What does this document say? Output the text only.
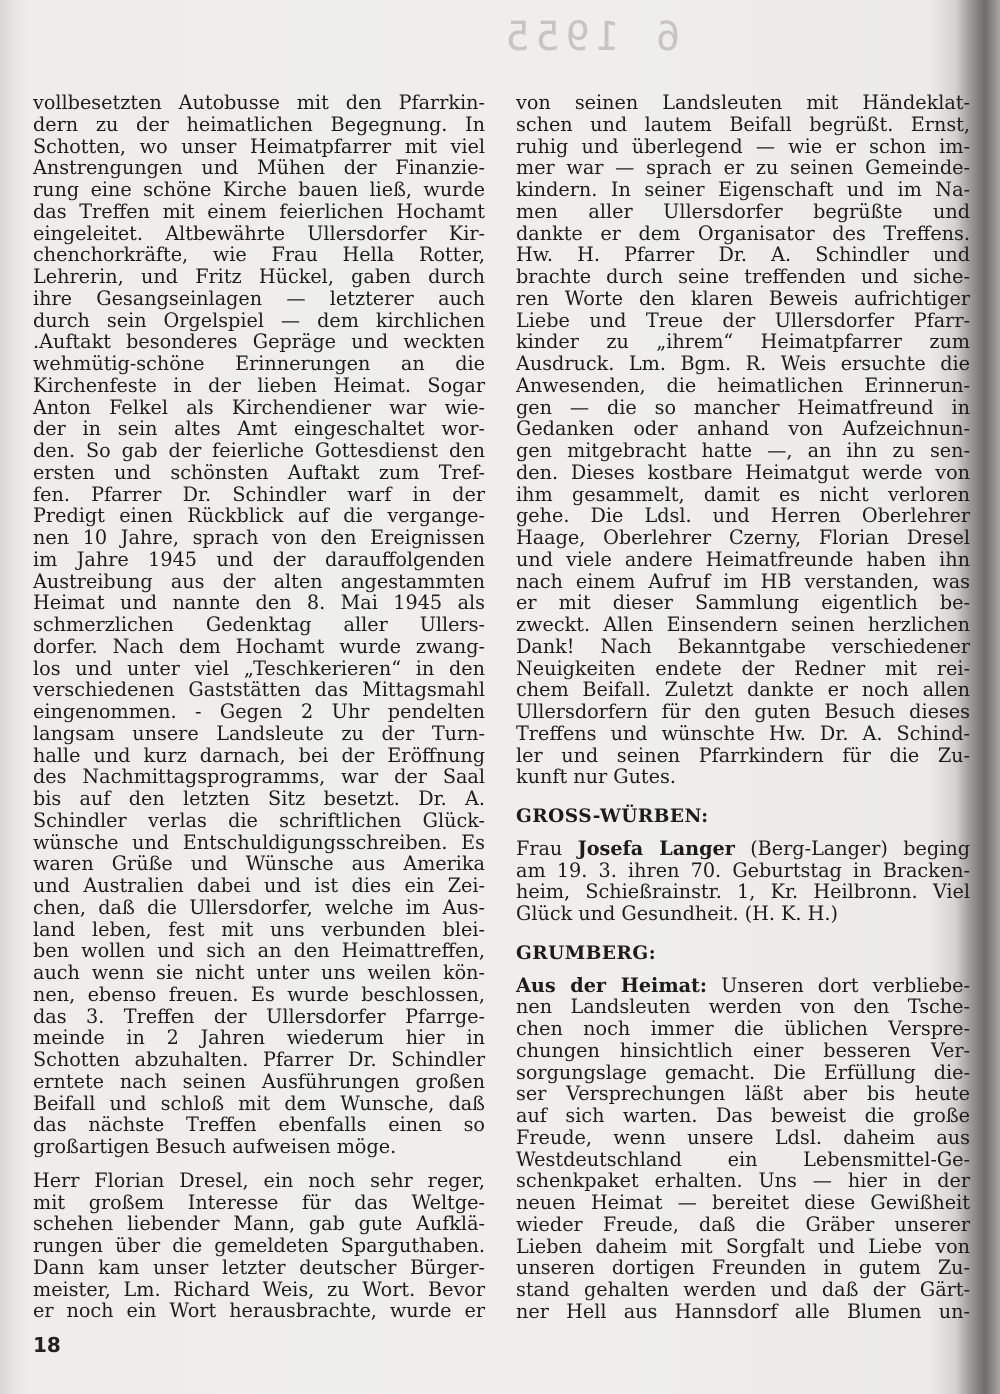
6 1955
vollbesetzten Autobusse mit den Pfarrkin-
dern zu der heimatlichen Begegnung. In
Schotten, wo unser Heimatpfarrer mit viel
Anstrengungen und Mühen der Finanzie-
rung eine schöne Kirche bauen ließ, wurde
das Treffen mit einem feierlichen Hochamt
eingeleitet. Altbewährte Ullersdorfer Kir-
chenchorkräfte, wie Frau Hella Rotter,
Lehrerin, und Fritz Hückel, gaben durch
ihre Gesangseinlagen — letzterer auch
durch sein Orgelspiel — dem kirchlichen
.Auftakt besonderes Gepräge und weckten
wehmütig-schöne Erinnerungen an die
Kirchenfeste in der lieben Heimat. Sogar
Anton Felkel als Kirchendiener war wie-
der in sein altes Amt eingeschaltet wor-
den. So gab der feierliche Gottesdienst den
ersten und schönsten Auftakt zum Tref-
fen. Pfarrer Dr. Schindler warf in der
Predigt einen Rückblick auf die vergange-
nen 10 Jahre, sprach von den Ereignissen
im Jahre 1945 und der darauffolgenden
Austreibung aus der alten angestammten
Heimat und nannte den 8. Mai 1945 als
schmerzlichen Gedenktag aller Ullers-
dorfer. Nach dem Hochamt wurde zwang-
los und unter viel „Teschkerieren“ in den
verschiedenen Gaststätten das Mittagsmahl
eingenommen. - Gegen 2 Uhr pendelten
langsam unsere Landsleute zu der Turn-
halle und kurz darnach, bei der Eröffnung
des Nachmittagsprogramms, war der Saal
bis auf den letzten Sitz besetzt. Dr. A.
Schindler verlas die schriftlichen Glück-
wünsche und Entschuldigungsschreiben. Es
waren Grüße und Wünsche aus Amerika
und Australien dabei und ist dies ein Zei-
chen, daß die Ullersdorfer, welche im Aus-
land leben, fest mit uns verbunden blei-
ben wollen und sich an den Heimattreffen,
auch wenn sie nicht unter uns weilen kön-
nen, ebenso freuen. Es wurde beschlossen,
das 3. Treffen der Ullersdorfer Pfarrge-
meinde in 2 Jahren wiederum hier in
Schotten abzuhalten. Pfarrer Dr. Schindler
erntete nach seinen Ausführungen großen
Beifall und schloß mit dem Wunsche, daß
das nächste Treffen ebenfalls einen so
großartigen Besuch aufweisen möge.
Herr Florian Dresel, ein noch sehr reger,
mit großem Interesse für das Weltge-
schehen liebender Mann, gab gute Aufklä-
rungen über die gemeldeten Sparguthaben.
Dann kam unser letzter deutscher Bürger-
meister, Lm. Richard Weis, zu Wort. Bevor
er noch ein Wort herausbrachte, wurde er
von seinen Landsleuten mit Händeklat-
schen und lautem Beifall begrüßt. Ernst,
ruhig und überlegend — wie er schon im-
mer war — sprach er zu seinen Gemeinde-
kindern. In seiner Eigenschaft und im Na-
men aller Ullersdorfer begrüßte und
dankte er dem Organisator des Treffens.
Hw. H. Pfarrer Dr. A. Schindler und
brachte durch seine treffenden und siche-
ren Worte den klaren Beweis aufrichtiger
Liebe und Treue der Ullersdorfer Pfarr-
kinder zu „ihrem“ Heimatpfarrer zum
Ausdruck. Lm. Bgm. R. Weis ersuchte die
Anwesenden, die heimatlichen Erinnerun-
gen — die so mancher Heimatfreund in
Gedanken oder anhand von Aufzeichnun-
gen mitgebracht hatte —, an ihn zu sen-
den. Dieses kostbare Heimatgut werde von
ihm gesammelt, damit es nicht verloren
gehe. Die Ldsl. und Herren Oberlehrer
Haage, Oberlehrer Czerny, Florian Dresel
und viele andere Heimatfreunde haben ihn
nach einem Aufruf im HB verstanden, was
er mit dieser Sammlung eigentlich be-
zweckt. Allen Einsendern seinen herzlichen
Dank! Nach Bekanntgabe verschiedener
Neuigkeiten endete der Redner mit rei-
chem Beifall. Zuletzt dankte er noch allen
Ullersdorfern für den guten Besuch dieses
Treffens und wünschte Hw. Dr. A. Schind-
ler und seinen Pfarrkindern für die Zu-
kunft nur Gutes.
GROSS-WÜRBEN:
Frau Josefa Langer (Berg-Langer) beging
am 19. 3. ihren 70. Geburtstag in Bracken-
heim, Schießrainstr. 1, Kr. Heilbronn. Viel
Glück und Gesundheit. (H. K. H.)
GRUMBERG:
Aus der Heimat: Unseren dort verbliebe-
nen Landsleuten werden von den Tsche-
chen noch immer die üblichen Verspre-
chungen hinsichtlich einer besseren Ver-
sorgungslage gemacht. Die Erfüllung die-
ser Versprechungen läßt aber bis heute
auf sich warten. Das beweist die große
Freude, wenn unsere Ldsl. daheim aus
Westdeutschland ein Lebensmittel-Ge-
schenkpaket erhalten. Uns — hier in der
neuen Heimat — bereitet diese Gewißheit
wieder Freude, daß die Gräber unserer
Lieben daheim mit Sorgfalt und Liebe von
unseren dortigen Freunden in gutem Zu-
stand gehalten werden und daß der Gärt-
ner Hell aus Hannsdorf alle Blumen un-
18
